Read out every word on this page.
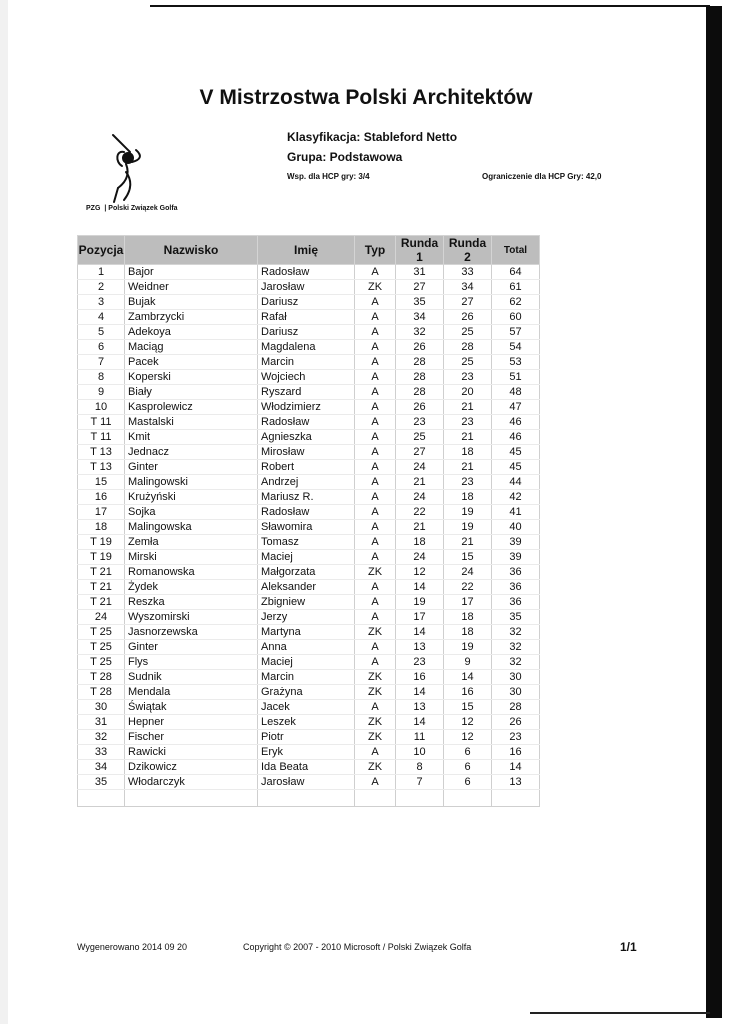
V Mistrzostwa Polski Architektów
PZG | Polski Związek Golfa
Klasyfikacja: Stableford Netto
Grupa: Podstawowa
Wsp. dla HCP gry: 3/4	Ograniczenie dla HCP Gry: 42,0
Pozycja	Nazwisko	Imię	Typ	Runda 1	Runda 2	Total
1	Bajor	Radosław	A	31	33	64
2	Weidner	Jarosław	ZK	27	34	61
3	Bujak	Dariusz	A	35	27	62
4	Zambrzycki	Rafał	A	34	26	60
5	Adekoya	Dariusz	A	32	25	57
6	Maciąg	Magdalena	A	26	28	54
7	Pacek	Marcin	A	28	25	53
8	Koperski	Wojciech	A	28	23	51
9	Biały	Ryszard	A	28	20	48
10	Kasprolewicz	Włodzimierz	A	26	21	47
T 11	Mastalski	Radosław	A	23	23	46
T 11	Kmit	Agnieszka	A	25	21	46
T 13	Jednacz	Mirosław	A	27	18	45
T 13	Ginter	Robert	A	24	21	45
15	Malingowski	Andrzej	A	21	23	44
16	Krużyński	Mariusz R.	A	24	18	42
17	Sojka	Radosław	A	22	19	41
18	Malingowska	Sławomira	A	21	19	40
T 19	Zemła	Tomasz	A	18	21	39
T 19	Mirski	Maciej	A	24	15	39
T 21	Romanowska	Małgorzata	ZK	12	24	36
T 21	Żydek	Aleksander	A	14	22	36
T 21	Reszka	Zbigniew	A	19	17	36
24	Wyszomirski	Jerzy	A	17	18	35
T 25	Jasnorzewska	Martyna	ZK	14	18	32
T 25	Ginter	Anna	A	13	19	32
T 25	Flys	Maciej	A	23	9	32
T 28	Sudnik	Marcin	ZK	16	14	30
T 28	Mendala	Grażyna	ZK	14	16	30
30	Świątak	Jacek	A	13	15	28
31	Hepner	Leszek	ZK	14	12	26
32	Fischer	Piotr	ZK	11	12	23
33	Rawicki	Eryk	A	10	6	16
34	Dzikowicz	Ida Beata	ZK	8	6	14
35	Włodarczyk	Jarosław	A	7	6	13

Wygenerowano 2014 09 20	Copyright © 2007 - 2010 Microsoft / Polski Związek Golfa	1/1
